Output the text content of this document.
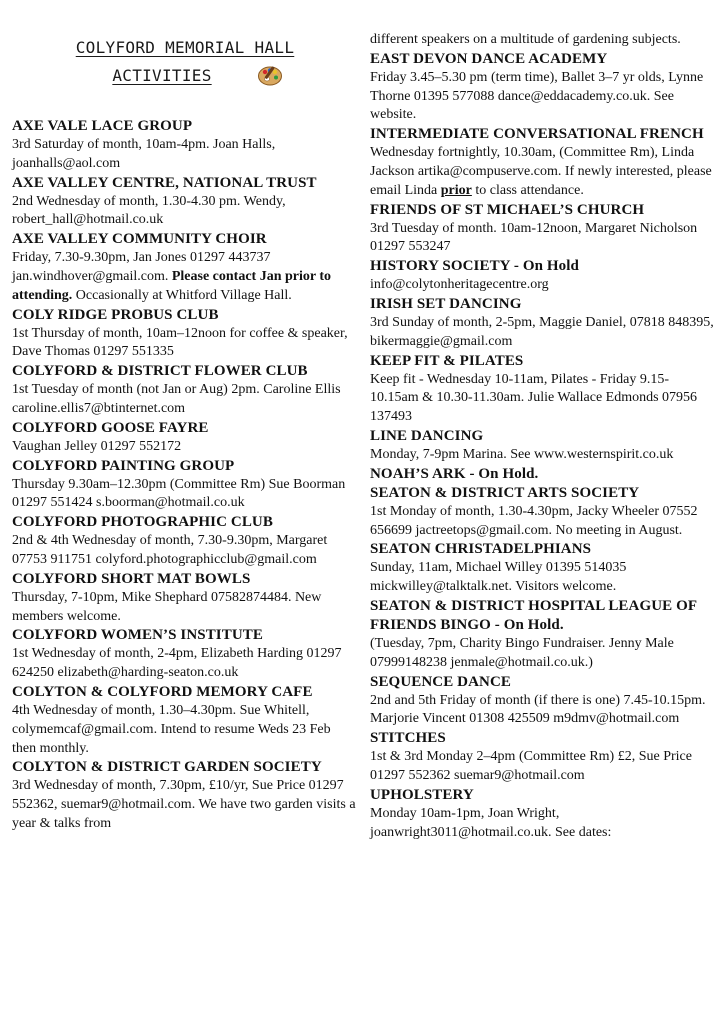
COLYFORD MEMORIAL HALL
ACTIVITIES
AXE VALE LACE GROUP
3rd Saturday of month, 10am-4pm. Joan Halls, joanhalls@aol.com
AXE VALLEY CENTRE, NATIONAL TRUST
2nd Wednesday of month, 1.30-4.30 pm. Wendy, robert_hall@hotmail.co.uk
AXE VALLEY COMMUNITY CHOIR
Friday, 7.30-9.30pm, Jan Jones 01297 443737 jan.windhover@gmail.com. Please contact Jan prior to attending. Occasionally at Whitford Village Hall.
COLY RIDGE PROBUS CLUB
1st Thursday of month, 10am–12noon for coffee & speaker, Dave Thomas 01297 551335
COLYFORD & DISTRICT FLOWER CLUB
1st Tuesday of month (not Jan or Aug) 2pm. Caroline Ellis caroline.ellis7@btinternet.com
COLYFORD GOOSE FAYRE
Vaughan Jelley 01297 552172
COLYFORD PAINTING GROUP
Thursday 9.30am–12.30pm (Committee Rm) Sue Boorman 01297 551424 s.boorman@hotmail.co.uk
COLYFORD PHOTOGRAPHIC CLUB
2nd & 4th Wednesday of month, 7.30-9.30pm, Margaret 07753 911751 colyford.photographicclub@gmail.com
COLYFORD SHORT MAT BOWLS
Thursday, 7-10pm, Mike Shephard 07582874484. New members welcome.
COLYFORD WOMEN’S INSTITUTE
1st Wednesday of month, 2-4pm, Elizabeth Harding 01297 624250 elizabeth@harding-seaton.co.uk
COLYTON & COLYFORD MEMORY CAFE
4th Wednesday of month, 1.30–4.30pm. Sue Whitell, colymemcaf@gmail.com. Intend to resume Weds 23 Feb then monthly.
COLYTON & DISTRICT GARDEN SOCIETY
3rd Wednesday of month, 7.30pm, £10/yr, Sue Price 01297 552362, suemar9@hotmail.com. We have two garden visits a year & talks from
different speakers on a multitude of gardening subjects.
EAST DEVON DANCE ACADEMY
Friday 3.45–5.30 pm (term time), Ballet 3–7 yr olds, Lynne Thorne 01395 577088 dance@eddacademy.co.uk. See website.
INTERMEDIATE CONVERSATIONAL FRENCH
Wednesday fortnightly, 10.30am, (Committee Rm), Linda Jackson artika@compuserve.com. If newly interested, please email Linda prior to class attendance.
FRIENDS OF ST MICHAEL’S CHURCH
3rd Tuesday of month. 10am-12noon, Margaret Nicholson 01297 553247
HISTORY SOCIETY - On Hold
info@colytonheritagecentre.org
IRISH SET DANCING
3rd Sunday of month, 2-5pm, Maggie Daniel, 07818 848395, bikermaggie@gmail.com
KEEP FIT & PILATES
Keep fit - Wednesday 10-11am, Pilates - Friday 9.15-10.15am & 10.30-11.30am. Julie Wallace Edmonds 07956 137493
LINE DANCING
Monday, 7-9pm Marina. See www.westernspirit.co.uk
NOAH’S ARK - On Hold.
SEATON & DISTRICT ARTS SOCIETY
1st Monday of month, 1.30-4.30pm, Jacky Wheeler 07552 656699 jactreetops@gmail.com. No meeting in August.
SEATON CHRISTADELPHIANS
Sunday, 11am, Michael Willey 01395 514035 mickwilley@talktalk.net. Visitors welcome.
SEATON & DISTRICT HOSPITAL LEAGUE OF FRIENDS BINGO - On Hold.
(Tuesday, 7pm, Charity Bingo Fundraiser. Jenny Male 07999148238 jenmale@hotmail.co.uk.)
SEQUENCE DANCE
2nd and 5th Friday of month (if there is one) 7.45-10.15pm. Marjorie Vincent 01308 425509 m9dmv@hotmail.com
STITCHES
1st & 3rd Monday 2–4pm (Committee Rm) £2, Sue Price 01297 552362 suemar9@hotmail.com
UPHOLSTERY
Monday 10am-1pm, Joan Wright, joanwright3011@hotmail.co.uk. See dates:
